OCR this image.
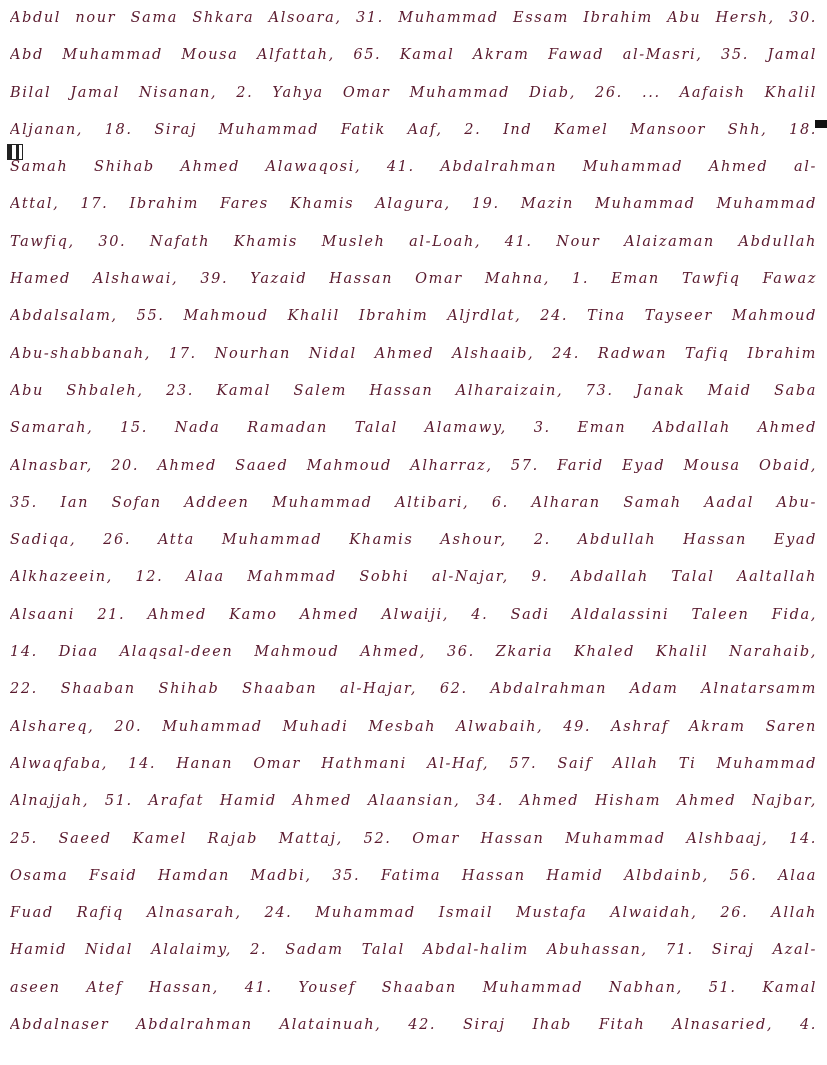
Abdul nour Sama Shkara Alsoara, 31. Muhammad Essam Ibrahim Abu Hersh, 30.
Abd Muhammad Mousa Alfattah, 65. Kamal Akram Fawad al-Masri, 35. Jamal
Bilal Jamal Nisanan, 2. Yahya Omar Muhammad Diab, 26. ... Aafaish Khalil
Aljanan, 18. Siraj Muhammad Fatik Aaf, 2. Ind Kamel Mansoor Shh, 18.
Samah Shihab Ahmed Alawaqosi, 41. Abdalrahman Muhammad Ahmed al-
Attal, 17. Ibrahim Fares Khamis Alagura, 19. Mazin Muhammad Muhammad
Tawfiq, 30. Nafath Khamis Musleh al-Loah, 41. Nour Alaizaman Abdullah
Hamed Alshawai, 39. Yazaid Hassan Omar Mahna, 1. Eman Tawfiq Fawaz
Abdalsalam, 55. Mahmoud Khalil Ibrahim Aljrdlat, 24. Tina Tayseer Mahmoud
Abu-shabbanah, 17. Nourhan Nidal Ahmed Alshaaib, 24. Radwan Tafiq Ibrahim
Abu Shbaleh, 23. Kamal Salem Hassan Alharaizain, 73. Janak Maid Saba
Samarah, 15. Nada Ramadan Talal Alamawy, 3. Eman Abdallah Ahmed
Alnasbar, 20. Ahmed Saaed Mahmoud Alharraz, 57. Farid Eyad Mousa Obaid,
35. Ian Sofan Addeen Muhammad Altibari, 6. Alharan Samah Aadal Abu-
Sadiqa, 26. Atta Muhammad Khamis Ashour, 2. Abdullah Hassan Eyad
Alkhazeein, 12. Alaa Mahmmad Sobhi al-Najar, 9. Abdallah Talal Aaltallah
Alsaani 21. Ahmed Kamo Ahmed Alwaiji, 4. Sadi Aldalassini Taleen Fida,
14. Diaa Alaqsal-deen Mahmoud Ahmed, 36. Zkaria Khaled Khalil Narahaib,
22. Shaaban Shihab Shaaban al-Hajar, 62. Abdalrahman Adam Alnatarsamm
Alshareq, 20. Muhammad Muhadi Mesbah Alwabaih, 49. Ashraf Akram Saren
Alwaqfaba, 14. Hanan Omar Hathmani Al-Haf, 57. Saif Allah Ti Muhammad
Alnajjah, 51. Arafat Hamid Ahmed Alaansian, 34. Ahmed Hisham Ahmed Najbar,
25. Saeed Kamel Rajab Mattaj, 52. Omar Hassan Muhammad Alshbaaj, 14.
Osama Fsaid Hamdan Madbi, 35. Fatima Hassan Hamid Albdainb, 56. Alaa
Fuad Rafiq Alnasarah, 24. Muhammad Ismail Mustafa Alwaidah, 26. Allah
Hamid Nidal Alalaimy, 2. Sadam Talal Abdal-halim Abuhassan, 71. Siraj Azal-
aseen Atef Hassan, 41. Yousef Shaaban Muhammad Nabhan, 51. Kamal
Abdalnaser Abdalrahman Alatainuah, 42. Siraj Ihab Fitah Alnasaried, 4.
